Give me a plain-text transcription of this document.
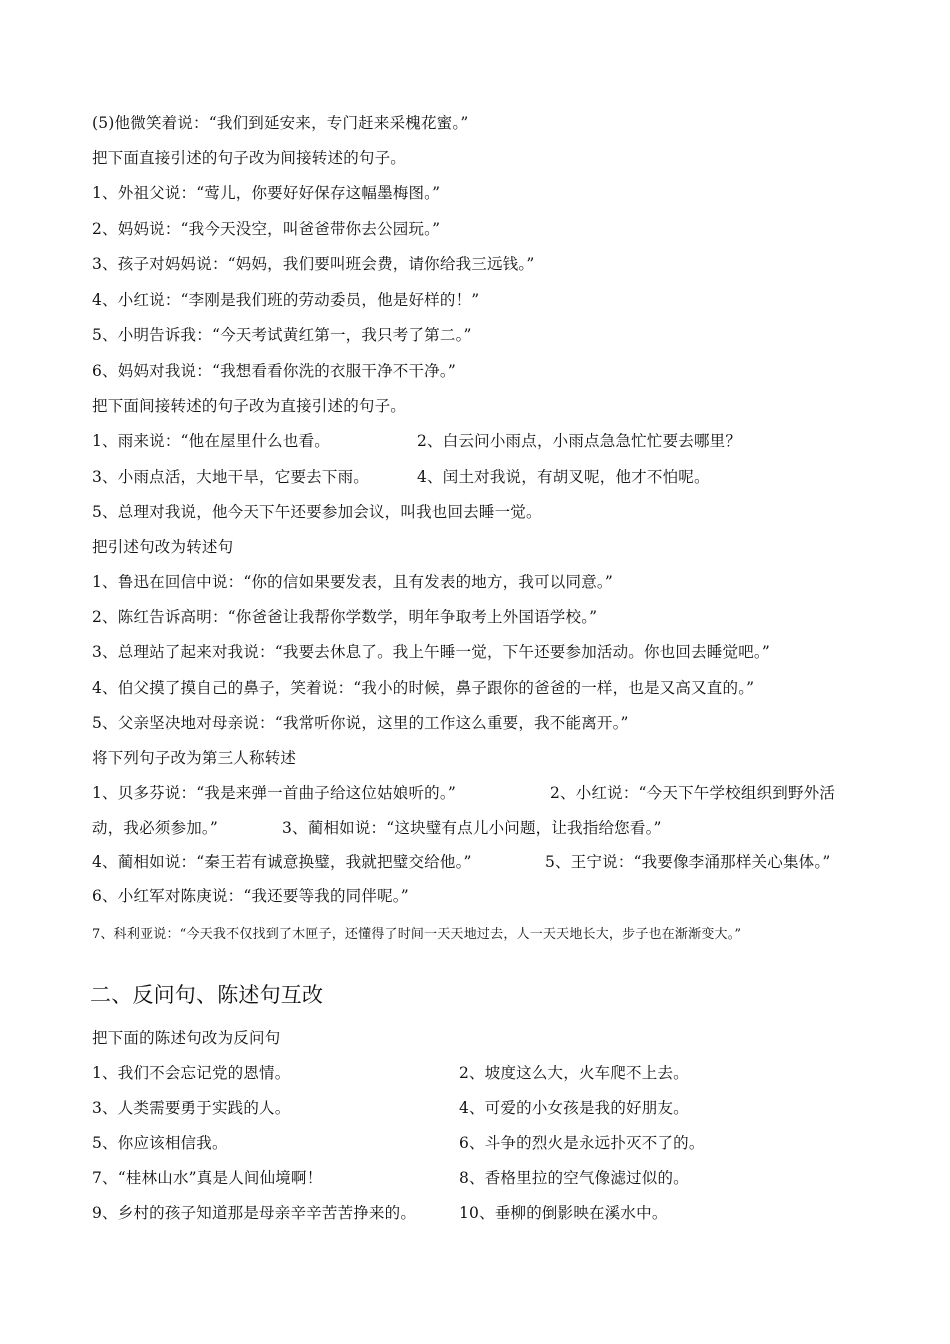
(5)他微笑着说：“我们到延安来，专门赶来采槐花蜜。”
把下面直接引述的句子改为间接转述的句子。
1、外祖父说：“莺儿，你要好好保存这幅墨梅图。”
2、妈妈说：“我今天没空，叫爸爸带你去公园玩。”
3、孩子对妈妈说：“妈妈，我们要叫班会费，请你给我三远钱。”
4、小红说：“李刚是我们班的劳动委员，他是好样的！”
5、小明告诉我：“今天考试黄红第一，我只考了第二。”
6、妈妈对我说：“我想看看你洗的衣服干净不干净。”
把下面间接转述的句子改为直接引述的句子。
1、雨来说：“他在屋里什么也看。	2、白云问小雨点，小雨点急急忙忙要去哪里？
3、小雨点活，大地干旱，它要去下雨。	4、闰土对我说，有胡叉呢，他才不怕呢。
5、总理对我说，他今天下午还要参加会议，叫我也回去睡一觉。
把引述句改为转述句
1、鲁迅在回信中说：“你的信如果要发表，且有发表的地方，我可以同意。”
2、陈红告诉高明：“你爸爸让我帮你学数学，明年争取考上外国语学校。”
3、总理站了起来对我说：“我要去休息了。我上午睡一觉，下午还要参加活动。你也回去睡觉吧。”
4、伯父摸了摸自己的鼻子，笑着说：“我小的时候，鼻子跟你的爸爸的一样，也是又高又直的。”
5、父亲坚决地对母亲说：“我常听你说，这里的工作这么重要，我不能离开。”
将下列句子改为第三人称转述
1、贝多芬说：“我是来弹一首曲子给这位姑娘听的。”	2、小红说：“今天下午学校组织到野外活
动，我必须参加。”	3、蔺相如说：“这块璧有点儿小问题，让我指给您看。”
4、蔺相如说：“秦王若有诚意换璧，我就把璧交给他。”	5、王宁说：“我要像李涌那样关心集体。”
6、小红军对陈庚说：“我还要等我的同伴呢。”
7、科利亚说：“今天我不仅找到了木匣子，还懂得了时间一天天地过去，人一天天地长大，步子也在渐渐变大。”
二、反问句、陈述句互改
把下面的陈述句改为反问句
1、我们不会忘记党的恩情。	2、坡度这么大，火车爬不上去。
3、人类需要勇于实践的人。	4、可爱的小女孩是我的好朋友。
5、你应该相信我。	6、斗争的烈火是永远扑灭不了的。
7、“桂林山水”真是人间仙境啊！	8、香格里拉的空气像滤过似的。
9、乡村的孩子知道那是母亲辛辛苦苦挣来的。	10、垂柳的倒影映在溪水中。
